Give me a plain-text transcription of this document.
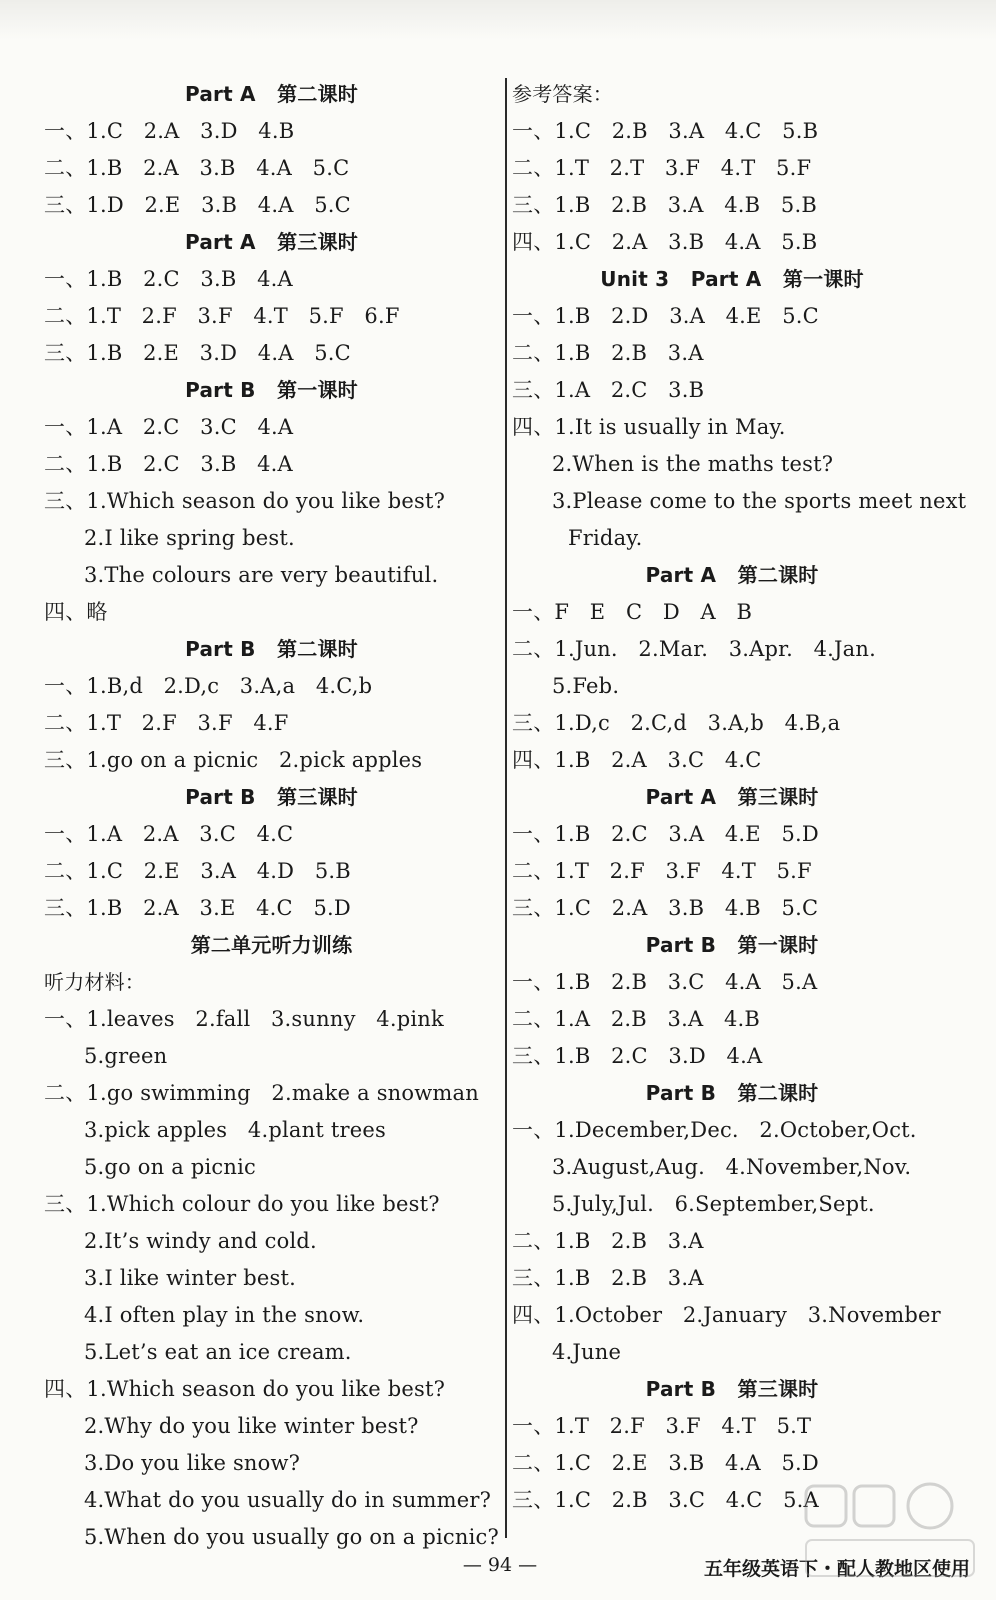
Part A   第二课时
一、1.C   2.A   3.D   4.B
二、1.B   2.A   3.B   4.A   5.C
三、1.D   2.E   3.B   4.A   5.C
Part A   第三课时
一、1.B   2.C   3.B   4.A
二、1.T   2.F   3.F   4.T   5.F   6.F
三、1.B   2.E   3.D   4.A   5.C
Part B   第一课时
一、1.A   2.C   3.C   4.A
二、1.B   2.C   3.B   4.A
三、1.Which season do you like best?
2.I like spring best.
3.The colours are very beautiful.
四、略
Part B   第二课时
一、1.B,d   2.D,c   3.A,a   4.C,b
二、1.T   2.F   3.F   4.F
三、1.go on a picnic   2.pick apples
Part B   第三课时
一、1.A   2.A   3.C   4.C
二、1.C   2.E   3.A   4.D   5.B
三、1.B   2.A   3.E   4.C   5.D
第二单元听力训练
听力材料：
一、1.leaves   2.fall   3.sunny   4.pink
5.green
二、1.go swimming   2.make a snowman
3.pick apples   4.plant trees
5.go on a picnic
三、1.Which colour do you like best?
2.It’s windy and cold.
3.I like winter best.
4.I often play in the snow.
5.Let’s eat an ice cream.
四、1.Which season do you like best?
2.Why do you like winter best?
3.Do you like snow?
4.What do you usually do in summer?
5.When do you usually go on a picnic?
参考答案：
一、1.C   2.B   3.A   4.C   5.B
二、1.T   2.T   3.F   4.T   5.F
三、1.B   2.B   3.A   4.B   5.B
四、1.C   2.A   3.B   4.A   5.B
Unit 3   Part A   第一课时
一、1.B   2.D   3.A   4.E   5.C
二、1.B   2.B   3.A
三、1.A   2.C   3.B
四、1.It is usually in May.
2.When is the maths test?
3.Please come to the sports meet next
Friday.
Part A   第二课时
一、F   E   C   D   A   B
二、1.Jun.   2.Mar.   3.Apr.   4.Jan.
5.Feb.
三、1.D,c   2.C,d   3.A,b   4.B,a
四、1.B   2.A   3.C   4.C
Part A   第三课时
一、1.B   2.C   3.A   4.E   5.D
二、1.T   2.F   3.F   4.T   5.F
三、1.C   2.A   3.B   4.B   5.C
Part B   第一课时
一、1.B   2.B   3.C   4.A   5.A
二、1.A   2.B   3.A   4.B
三、1.B   2.C   3.D   4.A
Part B   第二课时
一、1.December,Dec.   2.October,Oct.
3.August,Aug.   4.November,Nov.
5.July,Jul.   6.September,Sept.
二、1.B   2.B   3.A
三、1.B   2.B   3.A
四、1.October   2.January   3.November
4.June
Part B   第三课时
一、1.T   2.F   3.F   4.T   5.T
二、1.C   2.E   3.B   4.A   5.D
三、1.C   2.B   3.C   4.C   5.A
— 94 —	五年级英语下・配人教地区使用
